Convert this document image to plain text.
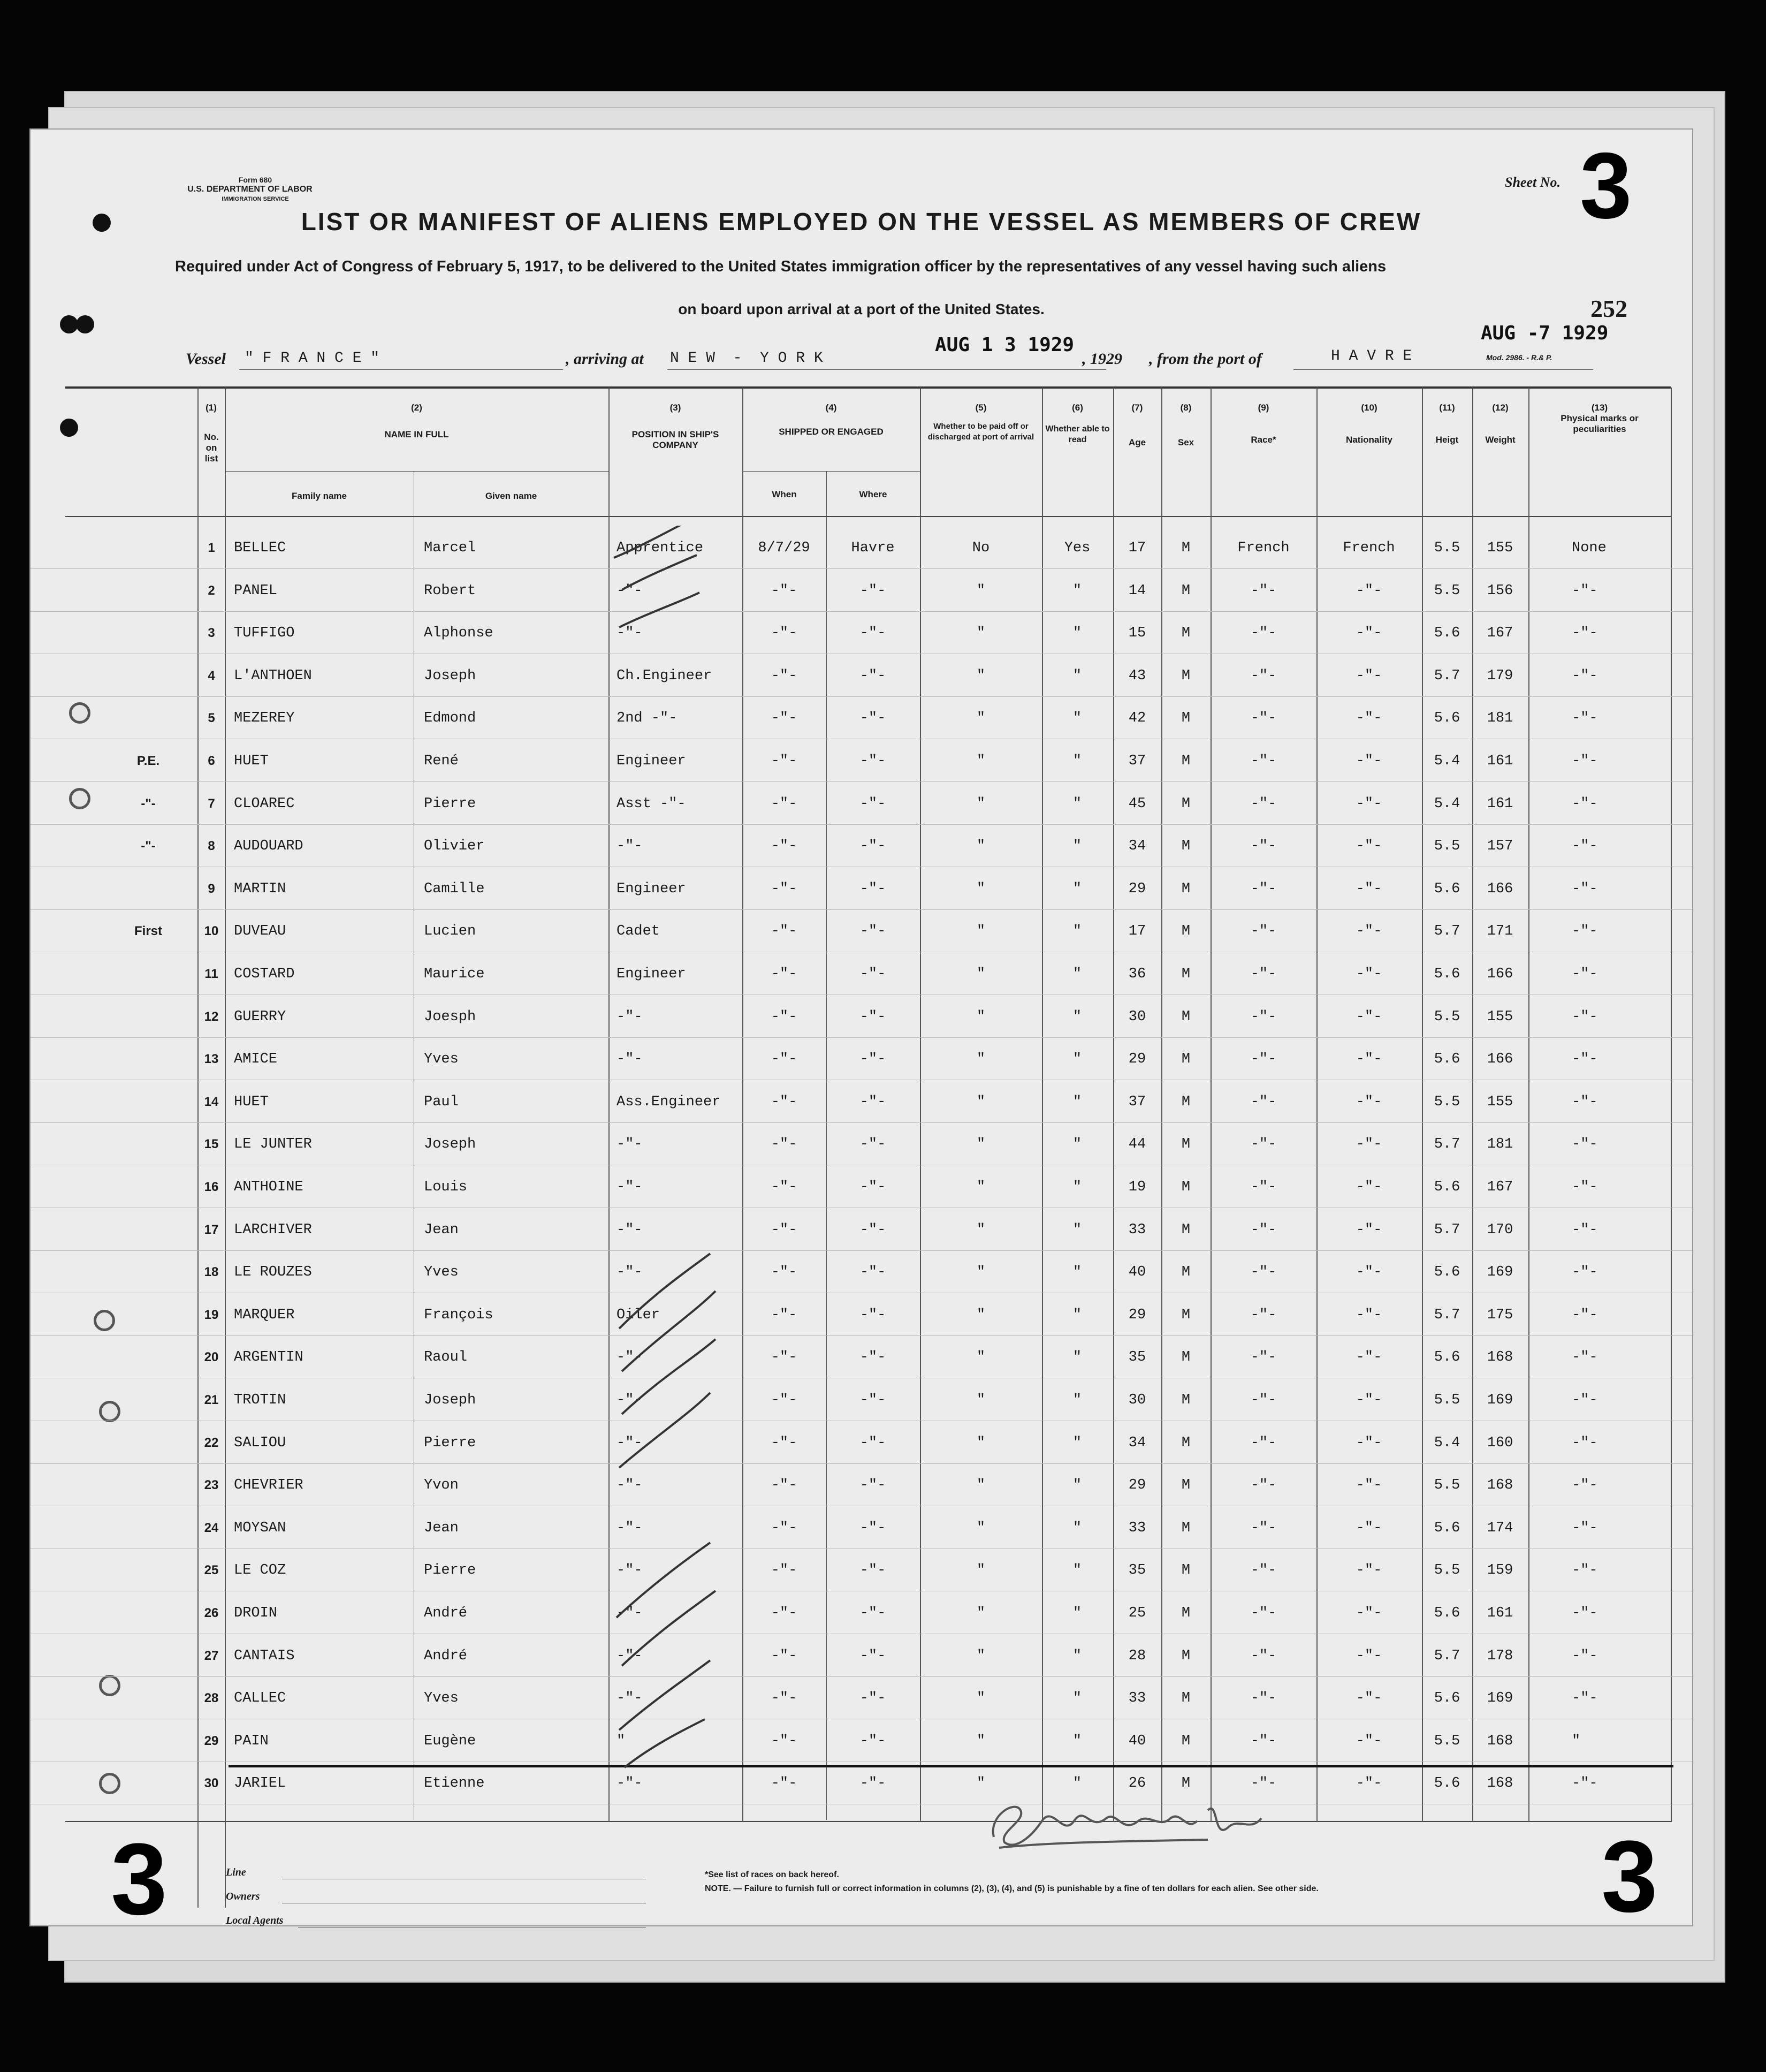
Form 680
U.S. DEPARTMENT OF LABOR
IMMIGRATION SERVICE
Sheet No. 3
LIST OR MANIFEST OF ALIENS EMPLOYED ON THE VESSEL AS MEMBERS OF CREW
Required under Act of Congress of February 5, 1917, to be delivered to the United States immigration officer by the representatives of any vessel having such aliens
on board upon arrival at a port of the United States.	252
Vessel " F R A N C E "	, arriving at N E W  -  Y O R K
AUG 1 3 1929
, 1929 , from the port of	H A V R E
AUG -7 1929
Mod. 2986. - R.& P.
(1)
No. on list
(2)
NAME IN FULL
Family name	Given name
(3)
POSITION IN SHIP'S COMPANY
(4)
SHIPPED OR ENGAGED
When	Where
(5)
Whether to be paid off or discharged at port of arrival
(6)
Whether able to read
(7)
Age
(8)
Sex
(9)
Race*
(10)
Nationality
(11)
Heigt
(12)
Weight
(13)
Physical marks or peculiarities
1 BELLEC	Marcel	Apprentice	8/7/29	Havre	No	Yes	17 M	French	French	5.5 155	None
2 PANEL	Robert	-"-	-"-	-"-	"	"	14 M	-"-	-"-	5.5 156	-"-
3 TUFFIGO	Alphonse	-"-	-"-	-"-	"	"	15 M	-"-	-"-	5.6 167	-"-
4 L'ANTHOEN	Joseph	Ch.Engineer	-"-	-"-	"	"	43 M	-"-	-"-	5.7 179	-"-
5 MEZEREY	Edmond	2nd -"-	-"-	-"-	"	"	42 M	-"-	-"-	5.6 181	-"-
P.E.	6 HUET	René	Engineer	-"-	-"-	"	"	37 M	-"-	-"-	5.4 161	-"-
-"-	7 CLOAREC	Pierre	Asst -"-	-"-	-"-	"	"	45 M	-"-	-"-	5.4 161	-"-
-"-	8 AUDOUARD	Olivier	-"-	-"-	-"-	"	"	34 M	-"-	-"-	5.5 157	-"-
9 MARTIN	Camille	Engineer	-"-	-"-	"	"	29 M	-"-	-"-	5.6 166	-"-
First	10 DUVEAU	Lucien	Cadet	-"-	-"-	"	"	17 M	-"-	-"-	5.7 171	-"-
11 COSTARD	Maurice	Engineer	-"-	-"-	"	"	36 M	-"-	-"-	5.6 166	-"-
12 GUERRY	Joesph	-"-	-"-	-"-	"	"	30 M	-"-	-"-	5.5 155	-"-
13 AMICE	Yves	-"-	-"-	-"-	"	"	29 M	-"-	-"-	5.6 166	-"-
14 HUET	Paul	Ass.Engineer	-"-	-"-	"	"	37 M	-"-	-"-	5.5 155	-"-
15 LE JUNTER	Joseph	-"-	-"-	-"-	"	"	44 M	-"-	-"-	5.7 181	-"-
16 ANTHOINE	Louis	-"-	-"-	-"-	"	"	19 M	-"-	-"-	5.6 167	-"-
17 LARCHIVER	Jean	-"-	-"-	-"-	"	"	33 M	-"-	-"-	5.7 170	-"-
18 LE ROUZES	Yves	-"-	-"-	-"-	"	"	40 M	-"-	-"-	5.6 169	-"-
19 MARQUER	François	Oiler	-"-	-"-	"	"	29 M	-"-	-"-	5.7 175	-"-
20 ARGENTIN	Raoul	-"-	-"-	-"-	"	"	35 M	-"-	-"-	5.6 168	-"-
21 TROTIN	Joseph	-"-	-"-	-"-	"	"	30 M	-"-	-"-	5.5 169	-"-
22 SALIOU	Pierre	-"-	-"-	-"-	"	"	34 M	-"-	-"-	5.4 160	-"-
23 CHEVRIER	Yvon	-"-	-"-	-"-	"	"	29 M	-"-	-"-	5.5 168	-"-
24 MOYSAN	Jean	-"-	-"-	-"-	"	"	33 M	-"-	-"-	5.6 174	-"-
25 LE COZ	Pierre	-"-	-"-	-"-	"	"	35 M	-"-	-"-	5.5 159	-"-
26 DROIN	André	-"-	-"-	-"-	"	"	25 M	-"-	-"-	5.6 161	-"-
27 CANTAIS	André	-"-	-"-	-"-	"	"	28 M	-"-	-"-	5.7 178	-"-
28 CALLEC	Yves	-"-	-"-	-"-	"	"	33 M	-"-	-"-	5.6 169	-"-
29 PAIN	Eugène	"	-"-	-"-	"	"	40 M	-"-	-"-	5.5 168	"
30 JARIEL	Etienne	-"-	-"-	-"-	"	"	26 M	-"-	-"-	5.6 168	-"-
3	3
Line
Owners
Local Agents
*See list of races on back hereof.
NOTE. — Failure to furnish full or correct information in columns (2), (3), (4), and (5) is punishable by a fine of ten dollars for each alien. See other side.
